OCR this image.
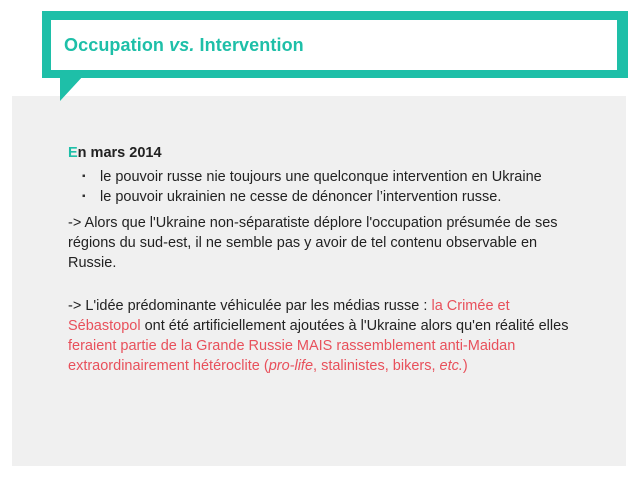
Occupation vs. Intervention
En mars 2014
▪ le pouvoir russe nie toujours une quelconque intervention en Ukraine
▪ le pouvoir ukrainien ne cesse de dénoncer l’intervention russe.

-> Alors que l'Ukraine non-séparatiste déplore l'occupation présumée de ses régions du sud-est, il ne semble pas y avoir de tel contenu observable en Russie.

-> L'idée prédominante véhiculée par les médias russe : la Crimée et Sébastopol ont été artificiellement ajoutées à l'Ukraine alors qu'en réalité elles feraient partie de la Grande Russie MAIS rassemblement anti-Maidan extraordinairement hétéroclite (pro-life, stalinistes, bikers, etc.)
